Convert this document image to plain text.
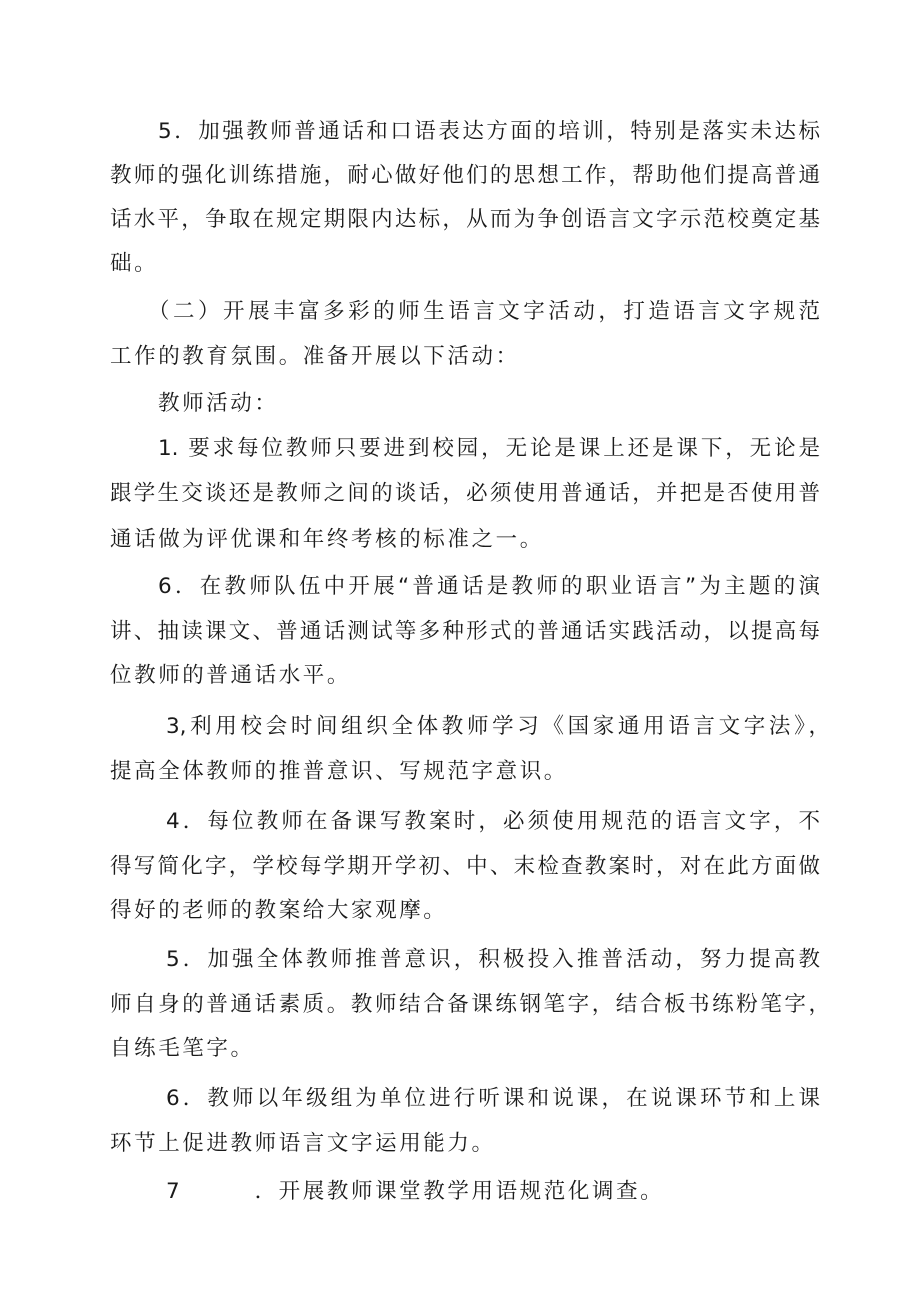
5．加强教师普通话和口语表达方面的培训，特别是落实未达标
教师的强化训练措施，耐心做好他们的思想工作，帮助他们提高普通
话水平，争取在规定期限内达标，从而为争创语言文字示范校奠定基
础。
（二）开展丰富多彩的师生语言文字活动，打造语言文字规范
工作的教育氛围。准备开展以下活动：
教师活动：
1. 要求每位教师只要进到校园，无论是课上还是课下，无论是
跟学生交谈还是教师之间的谈话，必须使用普通话，并把是否使用普
通话做为评优课和年终考核的标准之一。
6．在教师队伍中开展“普通话是教师的职业语言”为主题的演
讲、抽读课文、普通话测试等多种形式的普通话实践活动，以提高每
位教师的普通话水平。
3,利用校会时间组织全体教师学习《国家通用语言文字法》，
提高全体教师的推普意识、写规范字意识。
4．每位教师在备课写教案时，必须使用规范的语言文字，不
得写简化字，学校每学期开学初、中、末检查教案时，对在此方面做
得好的老师的教案给大家观摩。
5．加强全体教师推普意识，积极投入推普活动，努力提高教
师自身的普通话素质。教师结合备课练钢笔字，结合板书练粉笔字，
自练毛笔字。
6．教师以年级组为单位进行听课和说课，在说课环节和上课
环节上促进教师语言文字运用能力。
7　　　．开展教师课堂教学用语规范化调查。
